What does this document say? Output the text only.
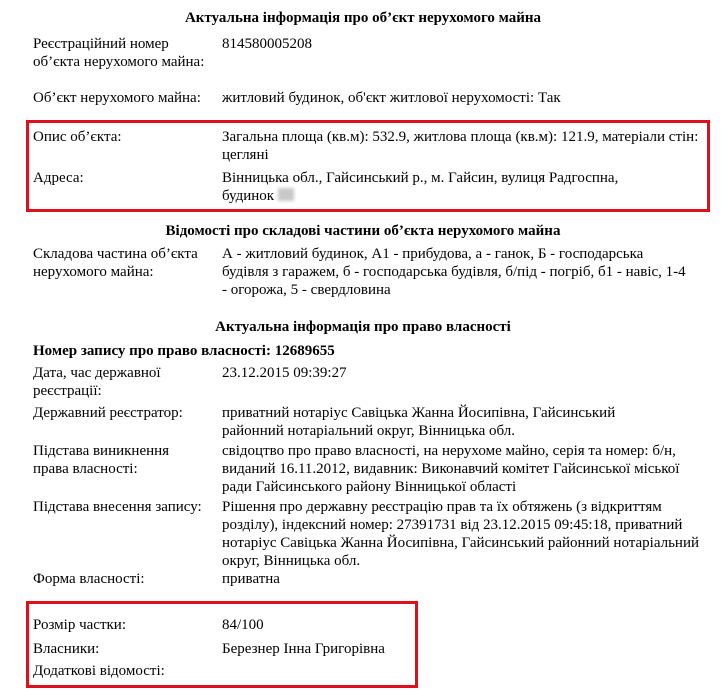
Актуальна інформація про об’єкт нерухомого майна
Реєстраційний номер об’єкта нерухомого майна:
814580005208
Об’єкт нерухомого майна:	житловий будинок, об'єкт житлової нерухомості: Так
Опис об’єкта:	Загальна площа (кв.м): 532.9, житлова площа (кв.м): 121.9, матеріали стін: цегляні
Адреса:	Вінницька обл., Гайсинський р., м. Гайсин, вулиця Радгоспна, будинок
Відомості про складові частини об’єкта нерухомого майна
Складова частина об’єкта нерухомого майна:
А - житловий будинок, А1 - прибудова, а - ганок, Б - господарська будівля з гаражем, б - господарська будівля, б/під - погріб, б1 - навіс, 1-4 - огорожа, 5 - свердловина
Актуальна інформація про право власності
Номер запису про право власності: 12689655
Дата, час державної реєстрації:
23.12.2015 09:39:27
Державний реєстратор:	приватний нотаріус Савіцька Жанна Йосипівна, Гайсинський районний нотаріальний округ, Вінницька обл.
Підстава виникнення права власності:
свідоцтво про право власності, на нерухоме майно, серія та номер: б/н, виданий 16.11.2012, видавник: Виконавчий комітет Гайсинської міської ради Гайсинського району Вінницької області
Підстава внесення запису: Рішення про державну реєстрацію прав та їх обтяжень (з відкриттям розділу), індексний номер: 27391731 від 23.12.2015 09:45:18, приватний нотаріус Савіцька Жанна Йосипівна, Гайсинський районний нотаріальний округ, Вінницька обл.
Форма власності:	приватна
Розмір частки:	84/100
Власники:	Березнер Інна Григорівна
Додаткові відомості:
